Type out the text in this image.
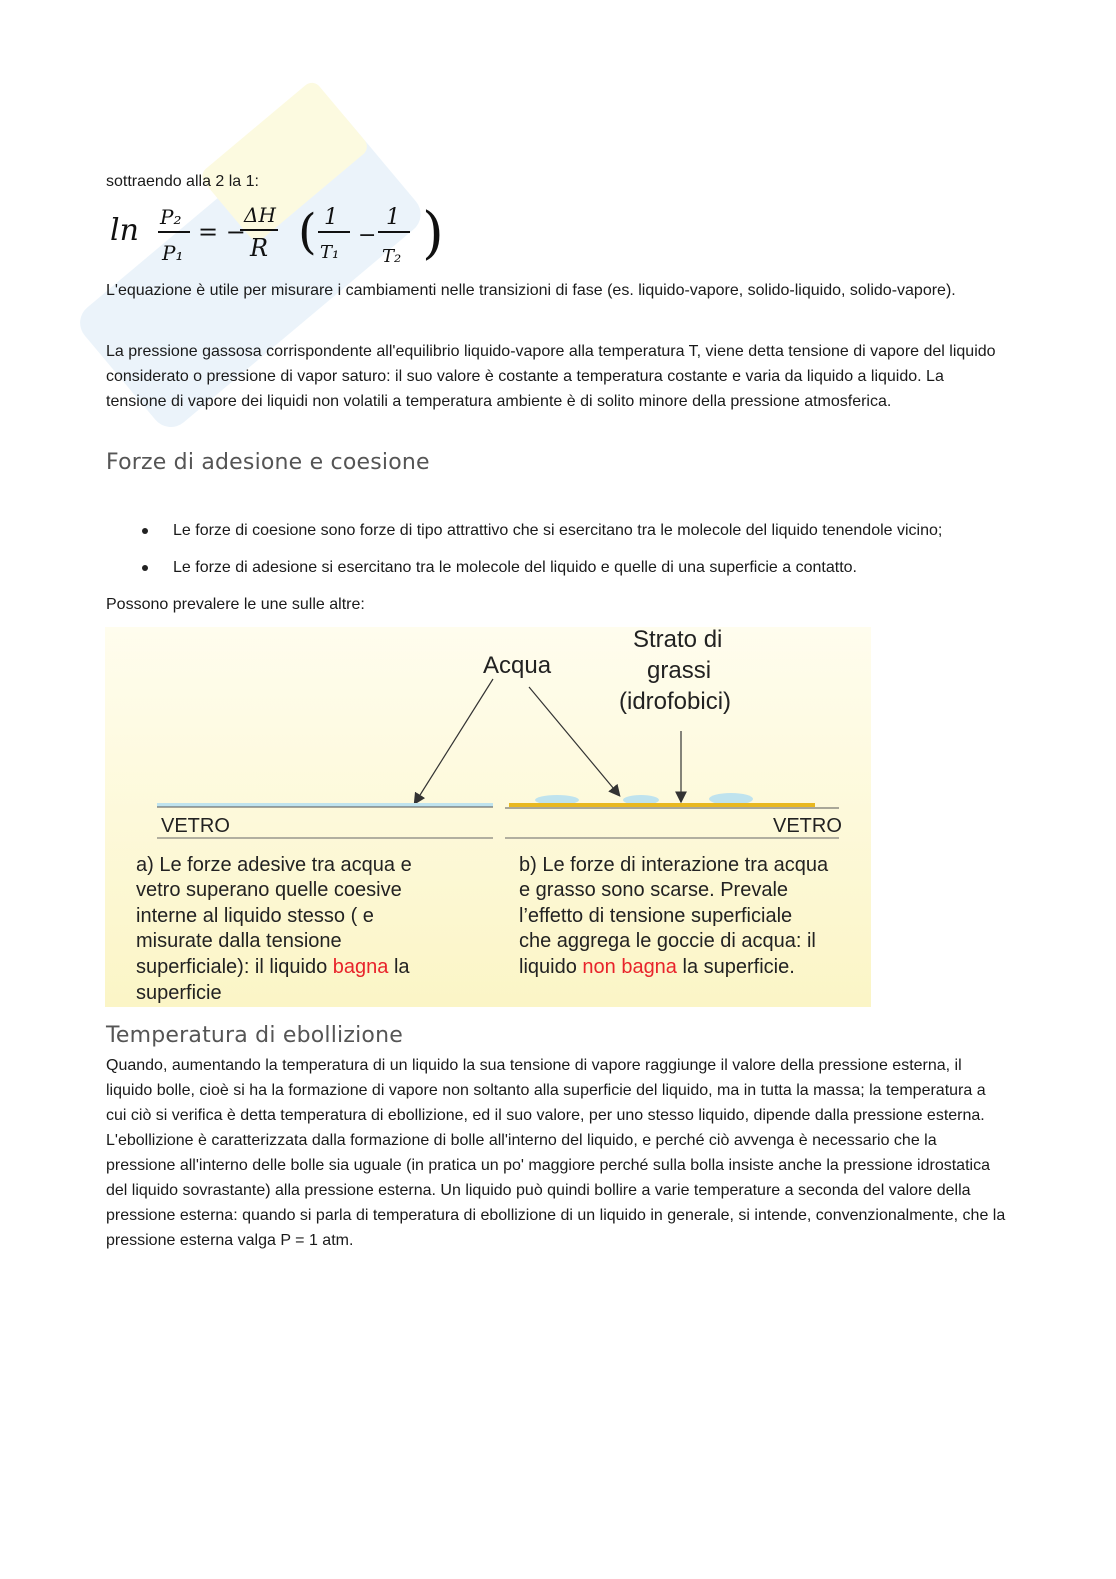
sottraendo alla 2 la 1:
ln P₂
P₁
= −
ΔH
R ( 1
T₁
−
1
T₂ )
L'equazione è utile per misurare i cambiamenti nelle transizioni di fase (es. liquido-vapore, solido-liquido, solido-vapore).
La pressione gassosa corrispondente all'equilibrio liquido-vapore alla temperatura T, viene detta tensione di vapore del liquido considerato o pressione di vapor saturo: il suo valore è costante a temperatura costante e varia da liquido a liquido. La tensione di vapore dei liquidi non volatili a temperatura ambiente è di solito minore della pressione atmosferica.
Forze di adesione e coesione
Le forze di coesione sono forze di tipo attrattivo che si esercitano tra le molecole del liquido tenendole vicino;
Le forze di adesione si esercitano tra le molecole del liquido e quelle di una superficie a contatto.
Possono prevalere le une sulle altre:
Acqua
Strato di
grassi
(idrofobici)
VETRO	VETRO
a) Le forze adesive tra acqua e
vetro superano quelle coesive
interne al liquido stesso ( e
misurate dalla tensione
superficiale): il liquido bagna la
superficie
b) Le forze di interazione tra acqua
e grasso sono scarse. Prevale
l’effetto di tensione superficiale
che aggrega le goccie di acqua: il
liquido non bagna la superficie.
Temperatura di ebollizione
Quando, aumentando la temperatura di un liquido la sua tensione di vapore raggiunge il valore della pressione esterna, il liquido bolle, cioè si ha la formazione di vapore non soltanto alla superficie del liquido, ma in tutta la massa; la temperatura a cui ciò si verifica è detta temperatura di ebollizione, ed il suo valore, per uno stesso liquido, dipende dalla pressione esterna. L'ebollizione è caratterizzata dalla formazione di bolle all'interno del liquido, e perché ciò avvenga è necessario che la pressione all'interno delle bolle sia uguale (in pratica un po' maggiore perché sulla bolla insiste anche la pressione idrostatica del liquido sovrastante) alla pressione esterna. Un liquido può quindi bollire a varie temperature a seconda del valore della pressione esterna: quando si parla di temperatura di ebollizione di un liquido in generale, si intende, convenzionalmente, che la pressione esterna valga P = 1 atm.
